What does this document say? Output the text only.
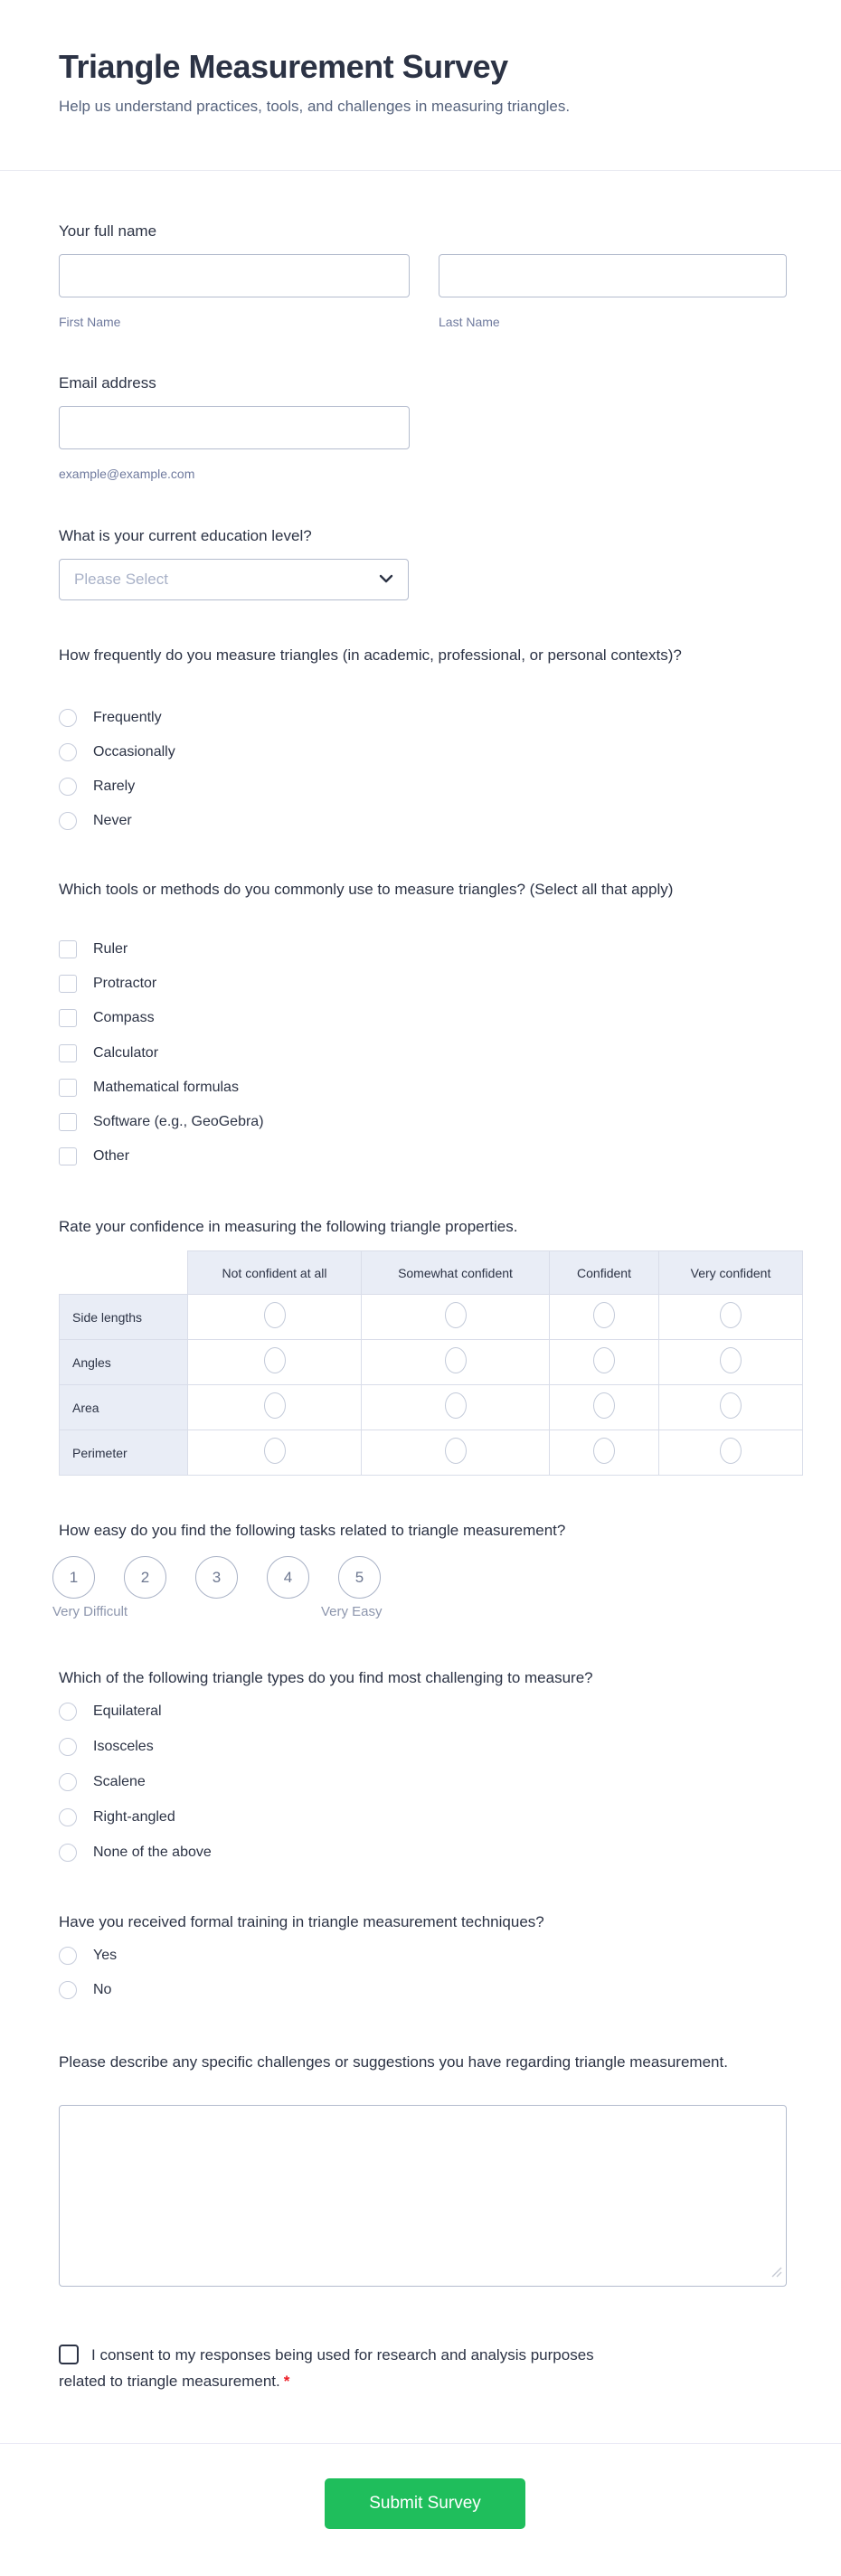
Triangle Measurement Survey

Help us understand practices, tools, and challenges in measuring triangles.

Your full name
First Name	Last Name
Email address
example@example.com
What is your current education level?
Please Select
How frequently do you measure triangles (in academic, professional, or personal contexts)?
Frequently
Occasionally
Rarely
Never
Which tools or methods do you commonly use to measure triangles? (Select all that apply)
Ruler
Protractor
Compass
Calculator
Mathematical formulas
Software (e.g., GeoGebra)
Other
Rate your confidence in measuring the following triangle properties.
	Not confident at all	Somewhat confident	Confident	Very confident
Side lengths				
Angles				
Area				
Perimeter				
How easy do you find the following tasks related to triangle measurement?
1	2	3	4	5
Very Difficult	Very Easy
Which of the following triangle types do you find most challenging to measure?
Equilateral
Isosceles
Scalene
Right-angled
None of the above
Have you received formal training in triangle measurement techniques?
Yes
No
Please describe any specific challenges or suggestions you have regarding triangle measurement.
I consent to my responses being used for research and analysis purposes related to triangle measurement. *
Submit Survey
